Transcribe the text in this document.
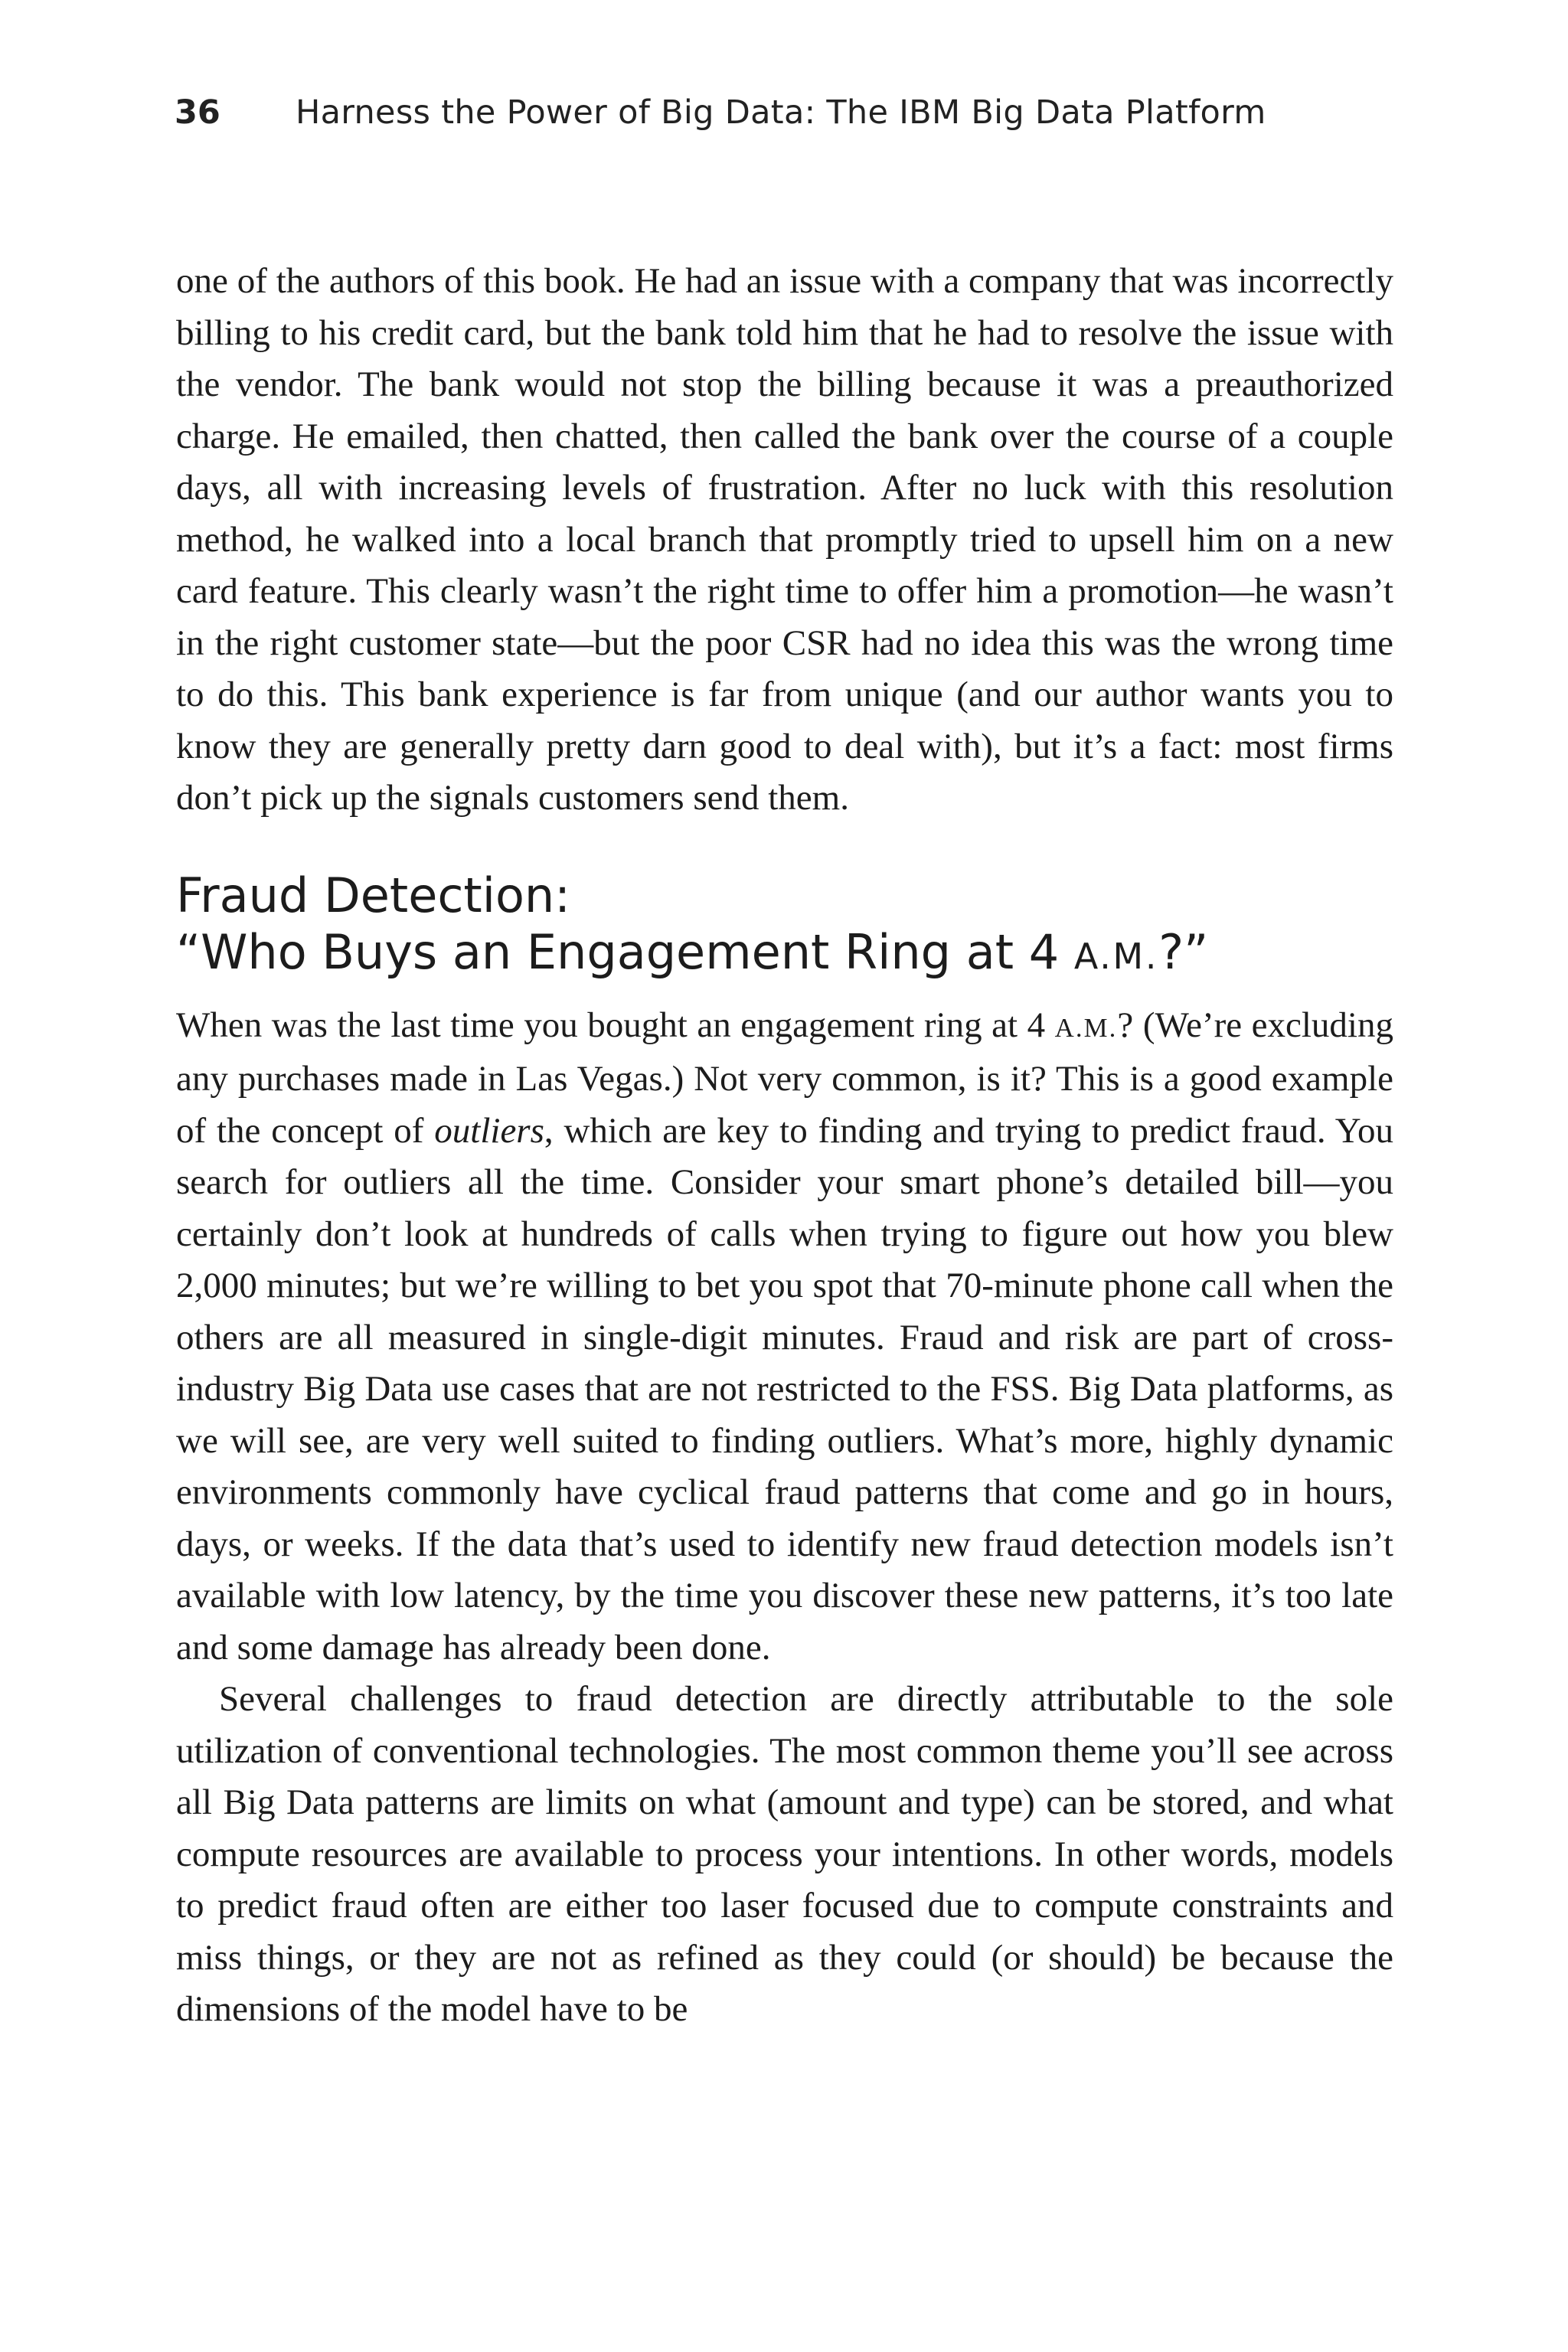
36	Harness the Power of Big Data: The IBM Big Data Platform

one of the authors of this book. He had an issue with a company that was incorrectly billing to his credit card, but the bank told him that he had to resolve the issue with the vendor. The bank would not stop the billing because it was a preauthorized charge. He emailed, then chatted, then called the bank over the course of a couple days, all with increasing levels of frustration. After no luck with this resolution method, he walked into a local branch that promptly tried to upsell him on a new card feature. This clearly wasn’t the right time to offer him a promotion—he wasn’t in the right customer state—but the poor CSR had no idea this was the wrong time to do this. This bank experience is far from unique (and our author wants you to know they are generally pretty darn good to deal with), but it’s a fact: most firms don’t pick up the signals customers send them.

Fraud Detection:
“Who Buys an Engagement Ring at 4 A.M.?”

When was the last time you bought an engagement ring at 4 A.M.? (We’re excluding any purchases made in Las Vegas.) Not very common, is it? This is a good example of the concept of outliers, which are key to finding and trying to predict fraud. You search for outliers all the time. Consider your smart phone’s detailed bill—you certainly don’t look at hundreds of calls when trying to figure out how you blew 2,000 minutes; but we’re willing to bet you spot that 70-minute phone call when the others are all measured in single-digit minutes. Fraud and risk are part of cross-industry Big Data use cases that are not restricted to the FSS. Big Data platforms, as we will see, are very well suited to finding outliers. What’s more, highly dynamic environments commonly have cyclical fraud patterns that come and go in hours, days, or weeks. If the data that’s used to identify new fraud detection models isn’t available with low latency, by the time you discover these new patterns, it’s too late and some damage has already been done.

Several challenges to fraud detection are directly attributable to the sole utilization of conventional technologies. The most common theme you’ll see across all Big Data patterns are limits on what (amount and type) can be stored, and what compute resources are available to process your intentions. In other words, models to predict fraud often are either too laser focused due to compute constraints and miss things, or they are not as refined as they could (or should) be because the dimensions of the model have to be
